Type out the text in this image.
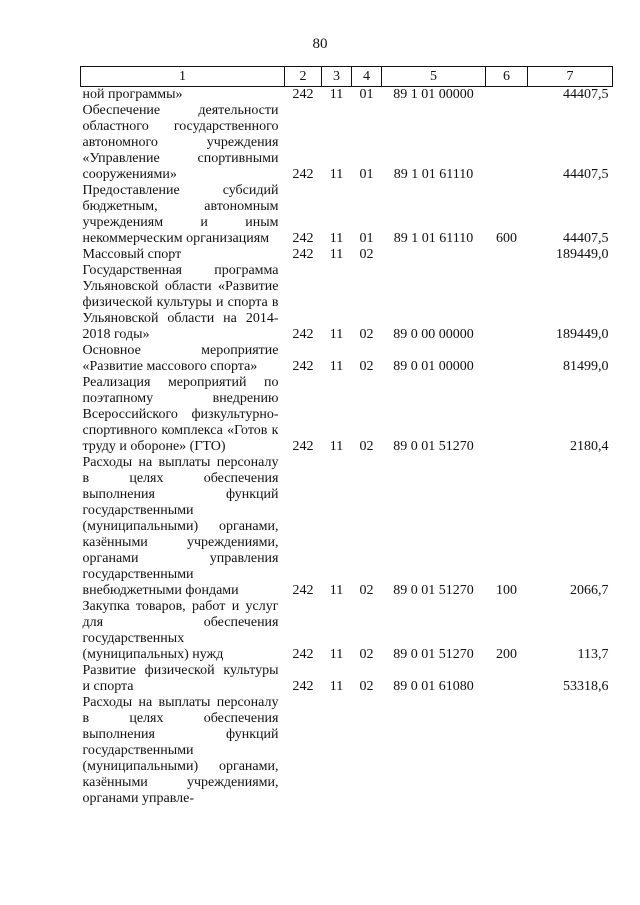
80
1	2	3	4	5	6	7
ной программы»	242	11	01	89 1 01 00000		44407,5
Обеспечение деятельности областного государственного автономного учреждения «Управление спортивными сооружениями»	242	11	01	89 1 01 61110		44407,5
Предоставление субсидий бюджетным, автономным учреждениям и иным некоммерческим организациям	242	11	01	89 1 01 61110	600	44407,5
Массовый спорт	242	11	02			189449,0
Государственная программа Ульяновской области «Развитие физической культуры и спорта в Ульяновской области на 2014-2018 годы»	242	11	02	89 0 00 00000		189449,0
Основное мероприятие «Развитие массового спорта»	242	11	02	89 0 01 00000		81499,0
Реализация мероприятий по поэтапному внедрению Всероссийского физкультурно-спортивного комплекса «Готов к труду и обороне» (ГТО)	242	11	02	89 0 01 51270		2180,4
Расходы на выплаты персоналу в целях обеспечения выполнения функций государственными (муниципальными) органами, казёнными учреждениями, органами управления государственными внебюджетными фондами	242	11	02	89 0 01 51270	100	2066,7
Закупка товаров, работ и услуг для обеспечения государственных (муниципальных) нужд	242	11	02	89 0 01 51270	200	113,7
Развитие физической культуры и спорта	242	11	02	89 0 01 61080		53318,6
Расходы на выплаты персоналу в целях обеспечения выполнения функций государственными (муниципальными) органами, казёнными учреждениями, органами управле-						
